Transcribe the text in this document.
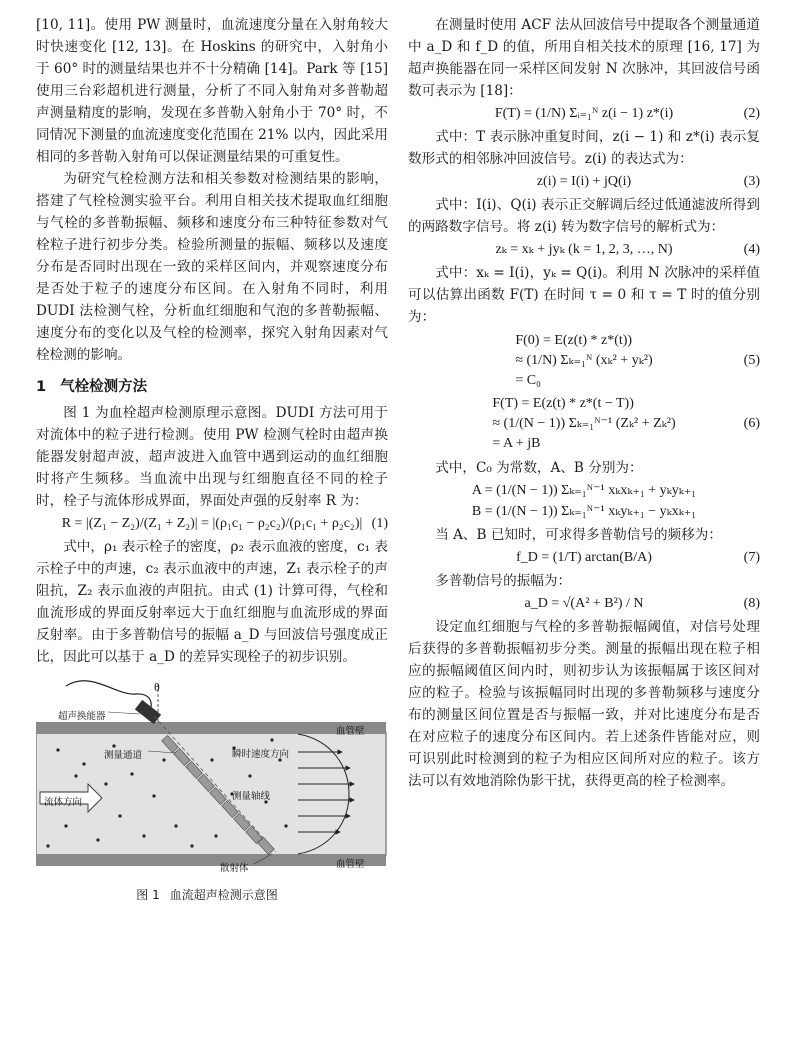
[10, 11]。使用 PW 测量时，血流速度分量在入射角较大时快速变化 [12, 13]。在 Hoskins 的研究中，入射角小于 60° 时的测量结果也并不十分精确 [14]。Park 等 [15] 使用三台彩超机进行测量，分析了不同入射角对多普勒超声测量精度的影响，发现在多普勒入射角小于 70° 时，不同情况下测量的血流速度变化范围在 21% 以内，因此采用相同的多普勒入射角可以保证测量结果的可重复性。

为研究气栓检测方法和相关参数对检测结果的影响，搭建了气栓检测实验平台。利用自相关技术提取血红细胞与气栓的多普勒振幅、频移和速度分布三种特征参数对气栓粒子进行初步分类。检验所测量的振幅、频移以及速度分布是否同时出现在一致的采样区间内，并观察速度分布是否处于粒子的速度分布区间。在入射角不同时，利用 DUDI 法检测气栓，分析血红细胞和气泡的多普勒振幅、速度分布的变化以及气栓的检测率，探究入射角因素对气栓检测的影响。

1 气栓检测方法

图 1 为血栓超声检测原理示意图。DUDI 方法可用于对流体中的粒子进行检测。使用 PW 检测气栓时由超声换能器发射超声波，超声波进入血管中遇到运动的血红细胞时将产生频移。当血流中出现与红细胞直径不同的栓子时，栓子与流体形成界面，界面处声强的反射率 R 为：

R = |(Z₁ − Z₂)/(Z₁ + Z₂)| = |(ρ₁c₁ − ρ₂c₂)/(ρ₁c₁ + ρ₂c₂)| (1)

式中，ρ₁ 表示栓子的密度，ρ₂ 表示血液的密度，c₁ 表示栓子中的声速，c₂ 表示血液中的声速，Z₁ 表示栓子的声阻抗，Z₂ 表示血液的声阻抗。由式 (1) 计算可得，气栓和血流形成的界面反射率远大于血红细胞与血流形成的界面反射率。由于多普勒信号的振幅 a_D 与回波信号强度成正比，因此可以基于 a_D 的差异实现栓子的初步识别。

θ
超声换能器
血管壁
血管壁
测量通道	瞬时速度方向
测量轴线
流体方向
散射体
图 1 血流超声检测示意图

在测量时使用 ACF 法从回波信号中提取各个测量通道中 a_D 和 f_D 的值，所用自相关技术的原理 [16, 17] 为超声换能器在同一采样区间发射 N 次脉冲，其回波信号函数可表示为 [18]：

F(T) = (1/N) Σᵢ₌₁ᴺ z(i − 1) z*(i)	(2)

式中：T 表示脉冲重复时间，z(i − 1) 和 z*(i) 表示复数形式的相邻脉冲回波信号。z(i) 的表达式为：

z(i) = I(i) + jQ(i)	(3)

式中：I(i)、Q(i) 表示正交解调后经过低通滤波所得到的两路数字信号。将 z(i) 转为数字信号的解析式为：

zₖ = xₖ + jyₖ (k = 1, 2, 3, …, N)	(4)

式中：xₖ = I(i)，yₖ = Q(i)。利用 N 次脉冲的采样值可以估算出函数 F(T) 在时间 τ = 0 和 τ = T 时的值分别为：

F(0) = E(z(t) * z*(t))
≈ (1/N) Σₖ₌₁ᴺ (xₖ² + yₖ²)
= C₀
(5)
F(T) = E(z(t) * z*(t − T))
≈ (1/(N − 1)) Σₖ₌₁ᴺ⁻¹ (Zₖ² + Zₖ²)
= A + jB
(6)

式中，C₀ 为常数，A、B 分别为：

A = (1/(N − 1)) Σₖ₌₁ᴺ⁻¹ xₖxₖ₊₁ + yₖyₖ₊₁
B = (1/(N − 1)) Σₖ₌₁ᴺ⁻¹ xₖyₖ₊₁ − yₖxₖ₊₁

当 A、B 已知时，可求得多普勒信号的频移为：

f_D = (1/T) arctan(B/A)	(7)

多普勒信号的振幅为：

a_D = √(A² + B²) / N	(8)

设定血红细胞与气栓的多普勒振幅阈值，对信号处理后获得的多普勒振幅初步分类。测量的振幅出现在粒子相应的振幅阈值区间内时，则初步认为该振幅属于该区间对应的粒子。检验与该振幅同时出现的多普勒频移与速度分布的测量区间位置是否与振幅一致，并对比速度分布是否在对应粒子的速度分布区间内。若上述条件皆能对应，则可识别此时检测到的粒子为相应区间所对应的粒子。该方法可以有效地消除伪影干扰，获得更高的栓子检测率。
